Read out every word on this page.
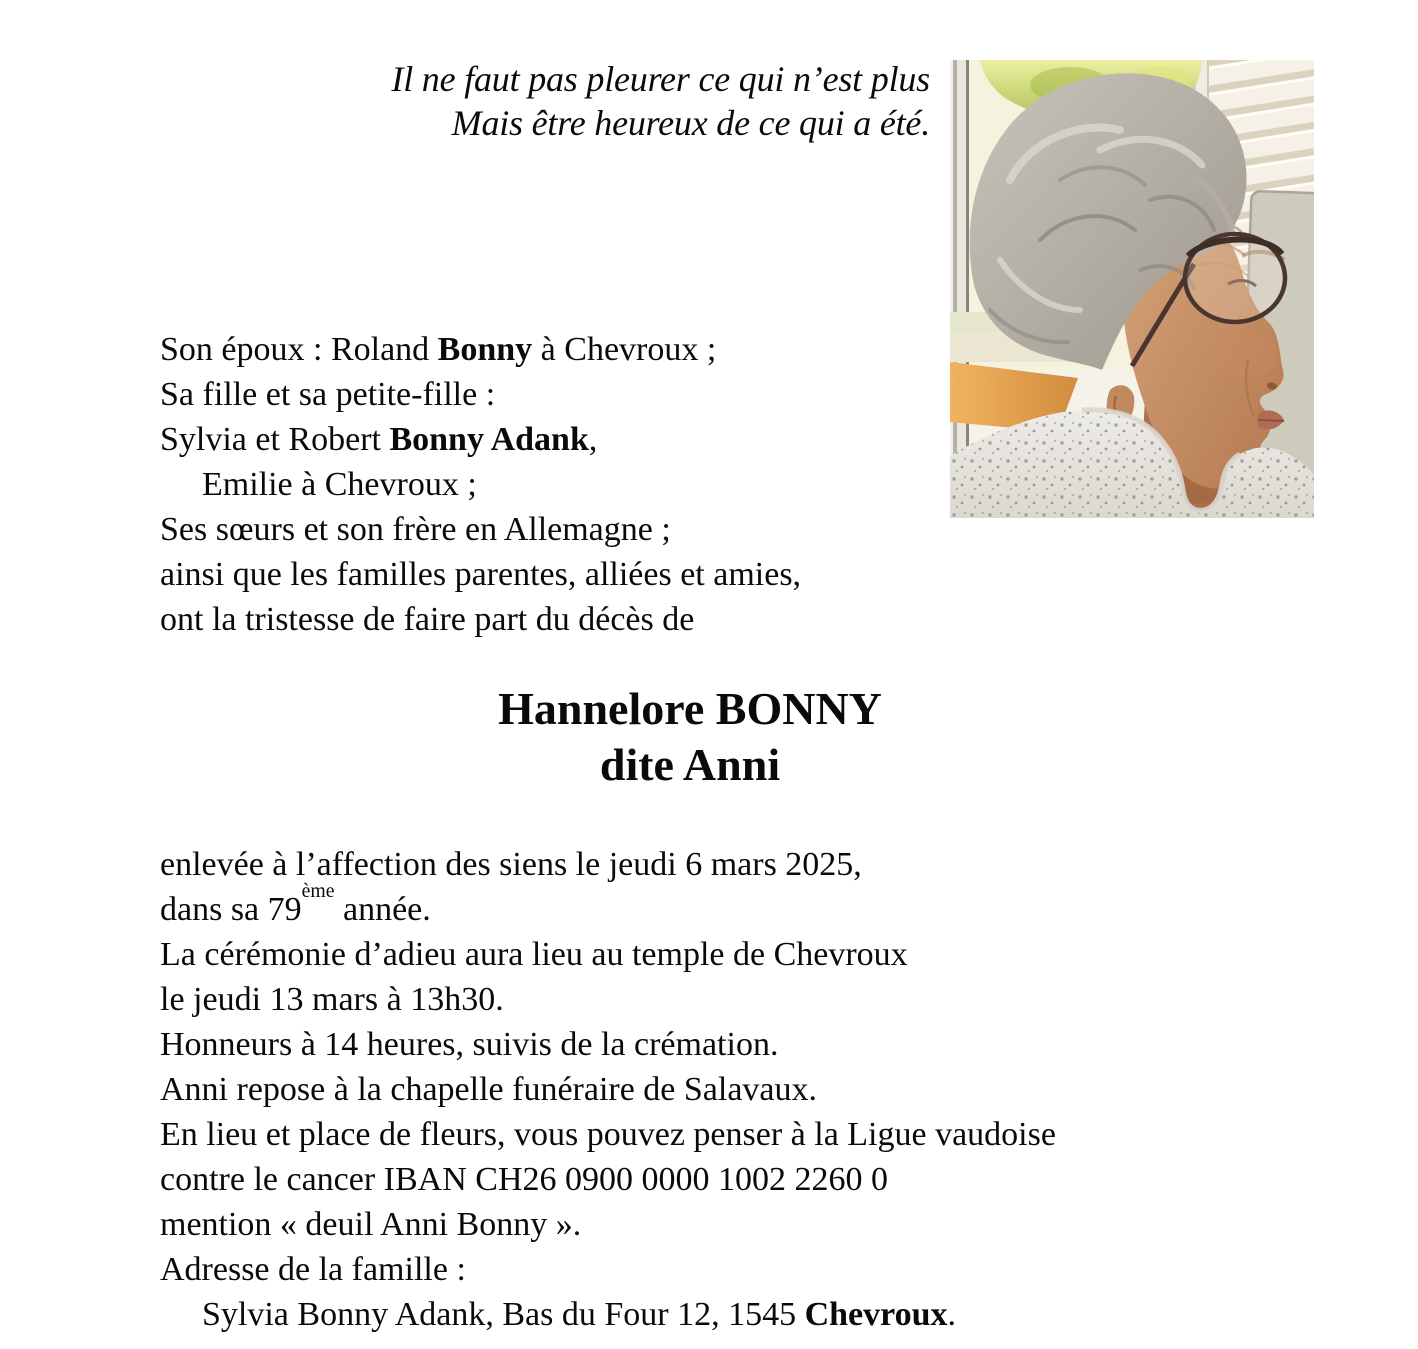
Il ne faut pas pleurer ce qui n’est plus
Mais être heureux de ce qui a été.
Son époux : Roland Bonny à Chevroux ;
Sa fille et sa petite-fille :
Sylvia et Robert Bonny Adank,
Emilie à Chevroux ;
Ses sœurs et son frère en Allemagne ;
ainsi que les familles parentes, alliées et amies,
ont la tristesse de faire part du décès de
Hannelore BONNY
dite Anni
enlevée à l’affection des siens le jeudi 6 mars 2025,
dans sa 79ème année.
La cérémonie d’adieu aura lieu au temple de Chevroux
le jeudi 13 mars à 13h30.
Honneurs à 14 heures, suivis de la crémation.
Anni repose à la chapelle funéraire de Salavaux.
En lieu et place de fleurs, vous pouvez penser à la Ligue vaudoise
contre le cancer IBAN CH26 0900 0000 1002 2260 0
mention « deuil Anni Bonny ».
Adresse de la famille :
Sylvia Bonny Adank, Bas du Four 12, 1545 Chevroux.
